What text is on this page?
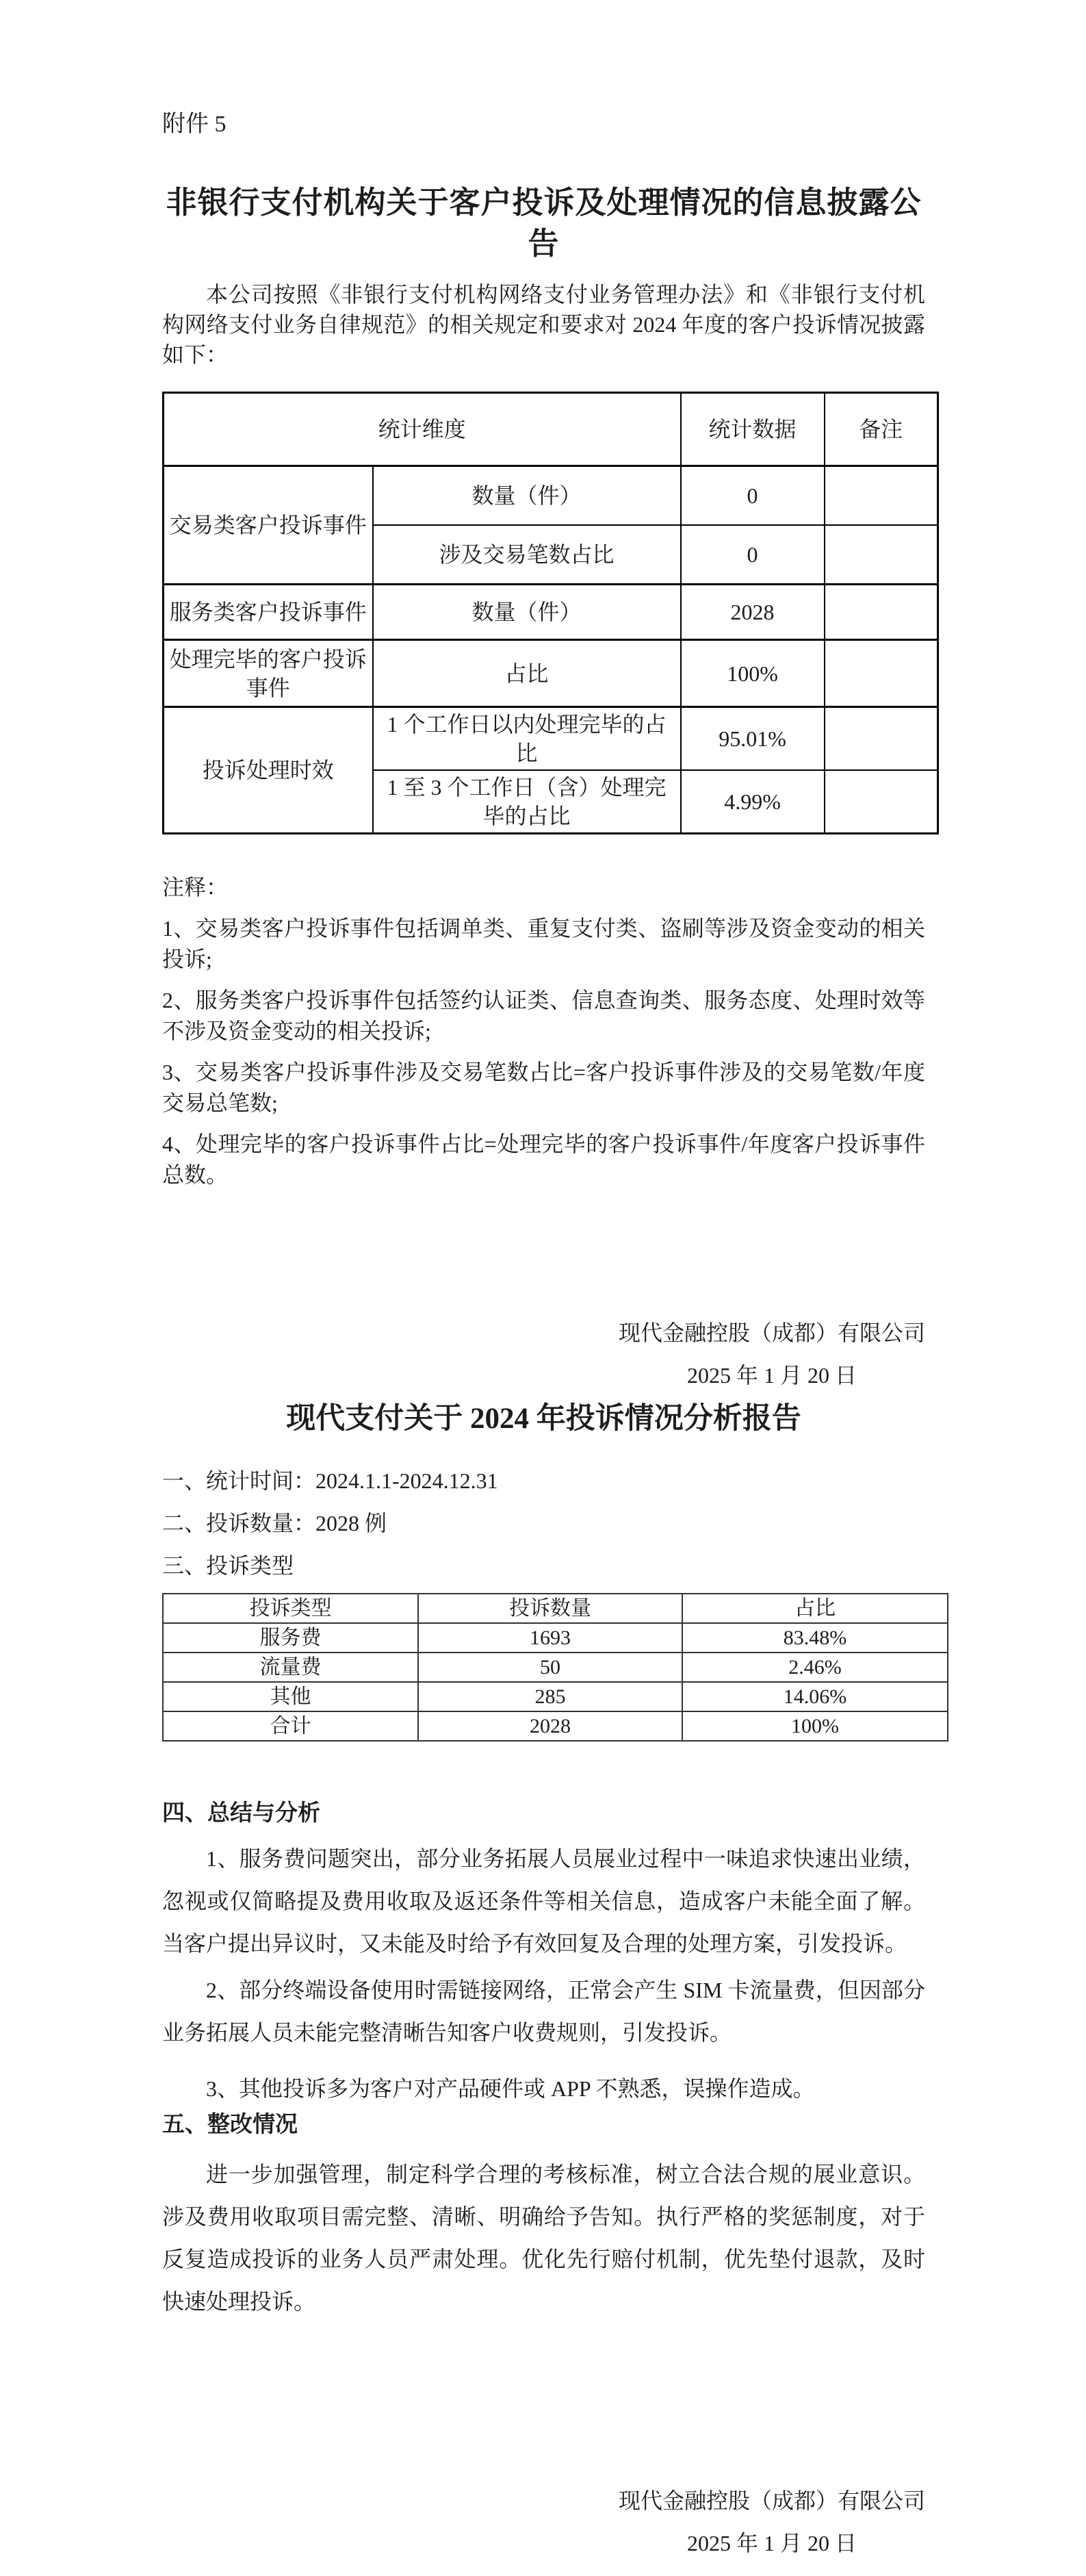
附件 5
非银行支付机构关于客户投诉及处理情况的信息披露公告

本公司按照《非银行支付机构网络支付业务管理办法》和《非银行支付机构网络支付业务自律规范》的相关规定和要求对 2024 年度的客户投诉情况披露如下：

统计维度		统计数据	备注
交易类客户投诉事件	数量（件）	0	
	涉及交易笔数占比	0	
服务类客户投诉事件	数量（件）	2028	
处理完毕的客户投诉事件	占比	100%	
投诉处理时效	1 个工作日以内处理完毕的占比	95.01%	
	1 至 3 个工作日（含）处理完毕的占比	4.99%	
注释：

1、交易类客户投诉事件包括调单类、重复支付类、盗刷等涉及资金变动的相关投诉;

2、服务类客户投诉事件包括签约认证类、信息查询类、服务态度、处理时效等不涉及资金变动的相关投诉;

3、交易类客户投诉事件涉及交易笔数占比=客户投诉事件涉及的交易笔数/年度交易总笔数;

4、处理完毕的客户投诉事件占比=处理完毕的客户投诉事件/年度客户投诉事件总数。

现代金融控股（成都）有限公司
2025 年 1 月 20 日
现代支付关于 2024 年投诉情况分析报告
一、统计时间：2024.1.1-2024.12.31
二、投诉数量：2028 例
三、投诉类型
投诉类型	投诉数量	占比
服务费	1693	83.48%
流量费	50	2.46%
其他	285	14.06%
合计	2028	100%
四、总结与分析

1、服务费问题突出，部分业务拓展人员展业过程中一味追求快速出业绩，忽视或仅简略提及费用收取及返还条件等相关信息，造成客户未能全面了解。当客户提出异议时，又未能及时给予有效回复及合理的处理方案，引发投诉。

2、部分终端设备使用时需链接网络，正常会产生 SIM 卡流量费，但因部分业务拓展人员未能完整清晰告知客户收费规则，引发投诉。

3、其他投诉多为客户对产品硬件或 APP 不熟悉，误操作造成。

五、整改情况

进一步加强管理，制定科学合理的考核标准，树立合法合规的展业意识。涉及费用收取项目需完整、清晰、明确给予告知。执行严格的奖惩制度，对于反复造成投诉的业务人员严肃处理。优化先行赔付机制，优先垫付退款，及时快速处理投诉。

现代金融控股（成都）有限公司
2025 年 1 月 20 日
